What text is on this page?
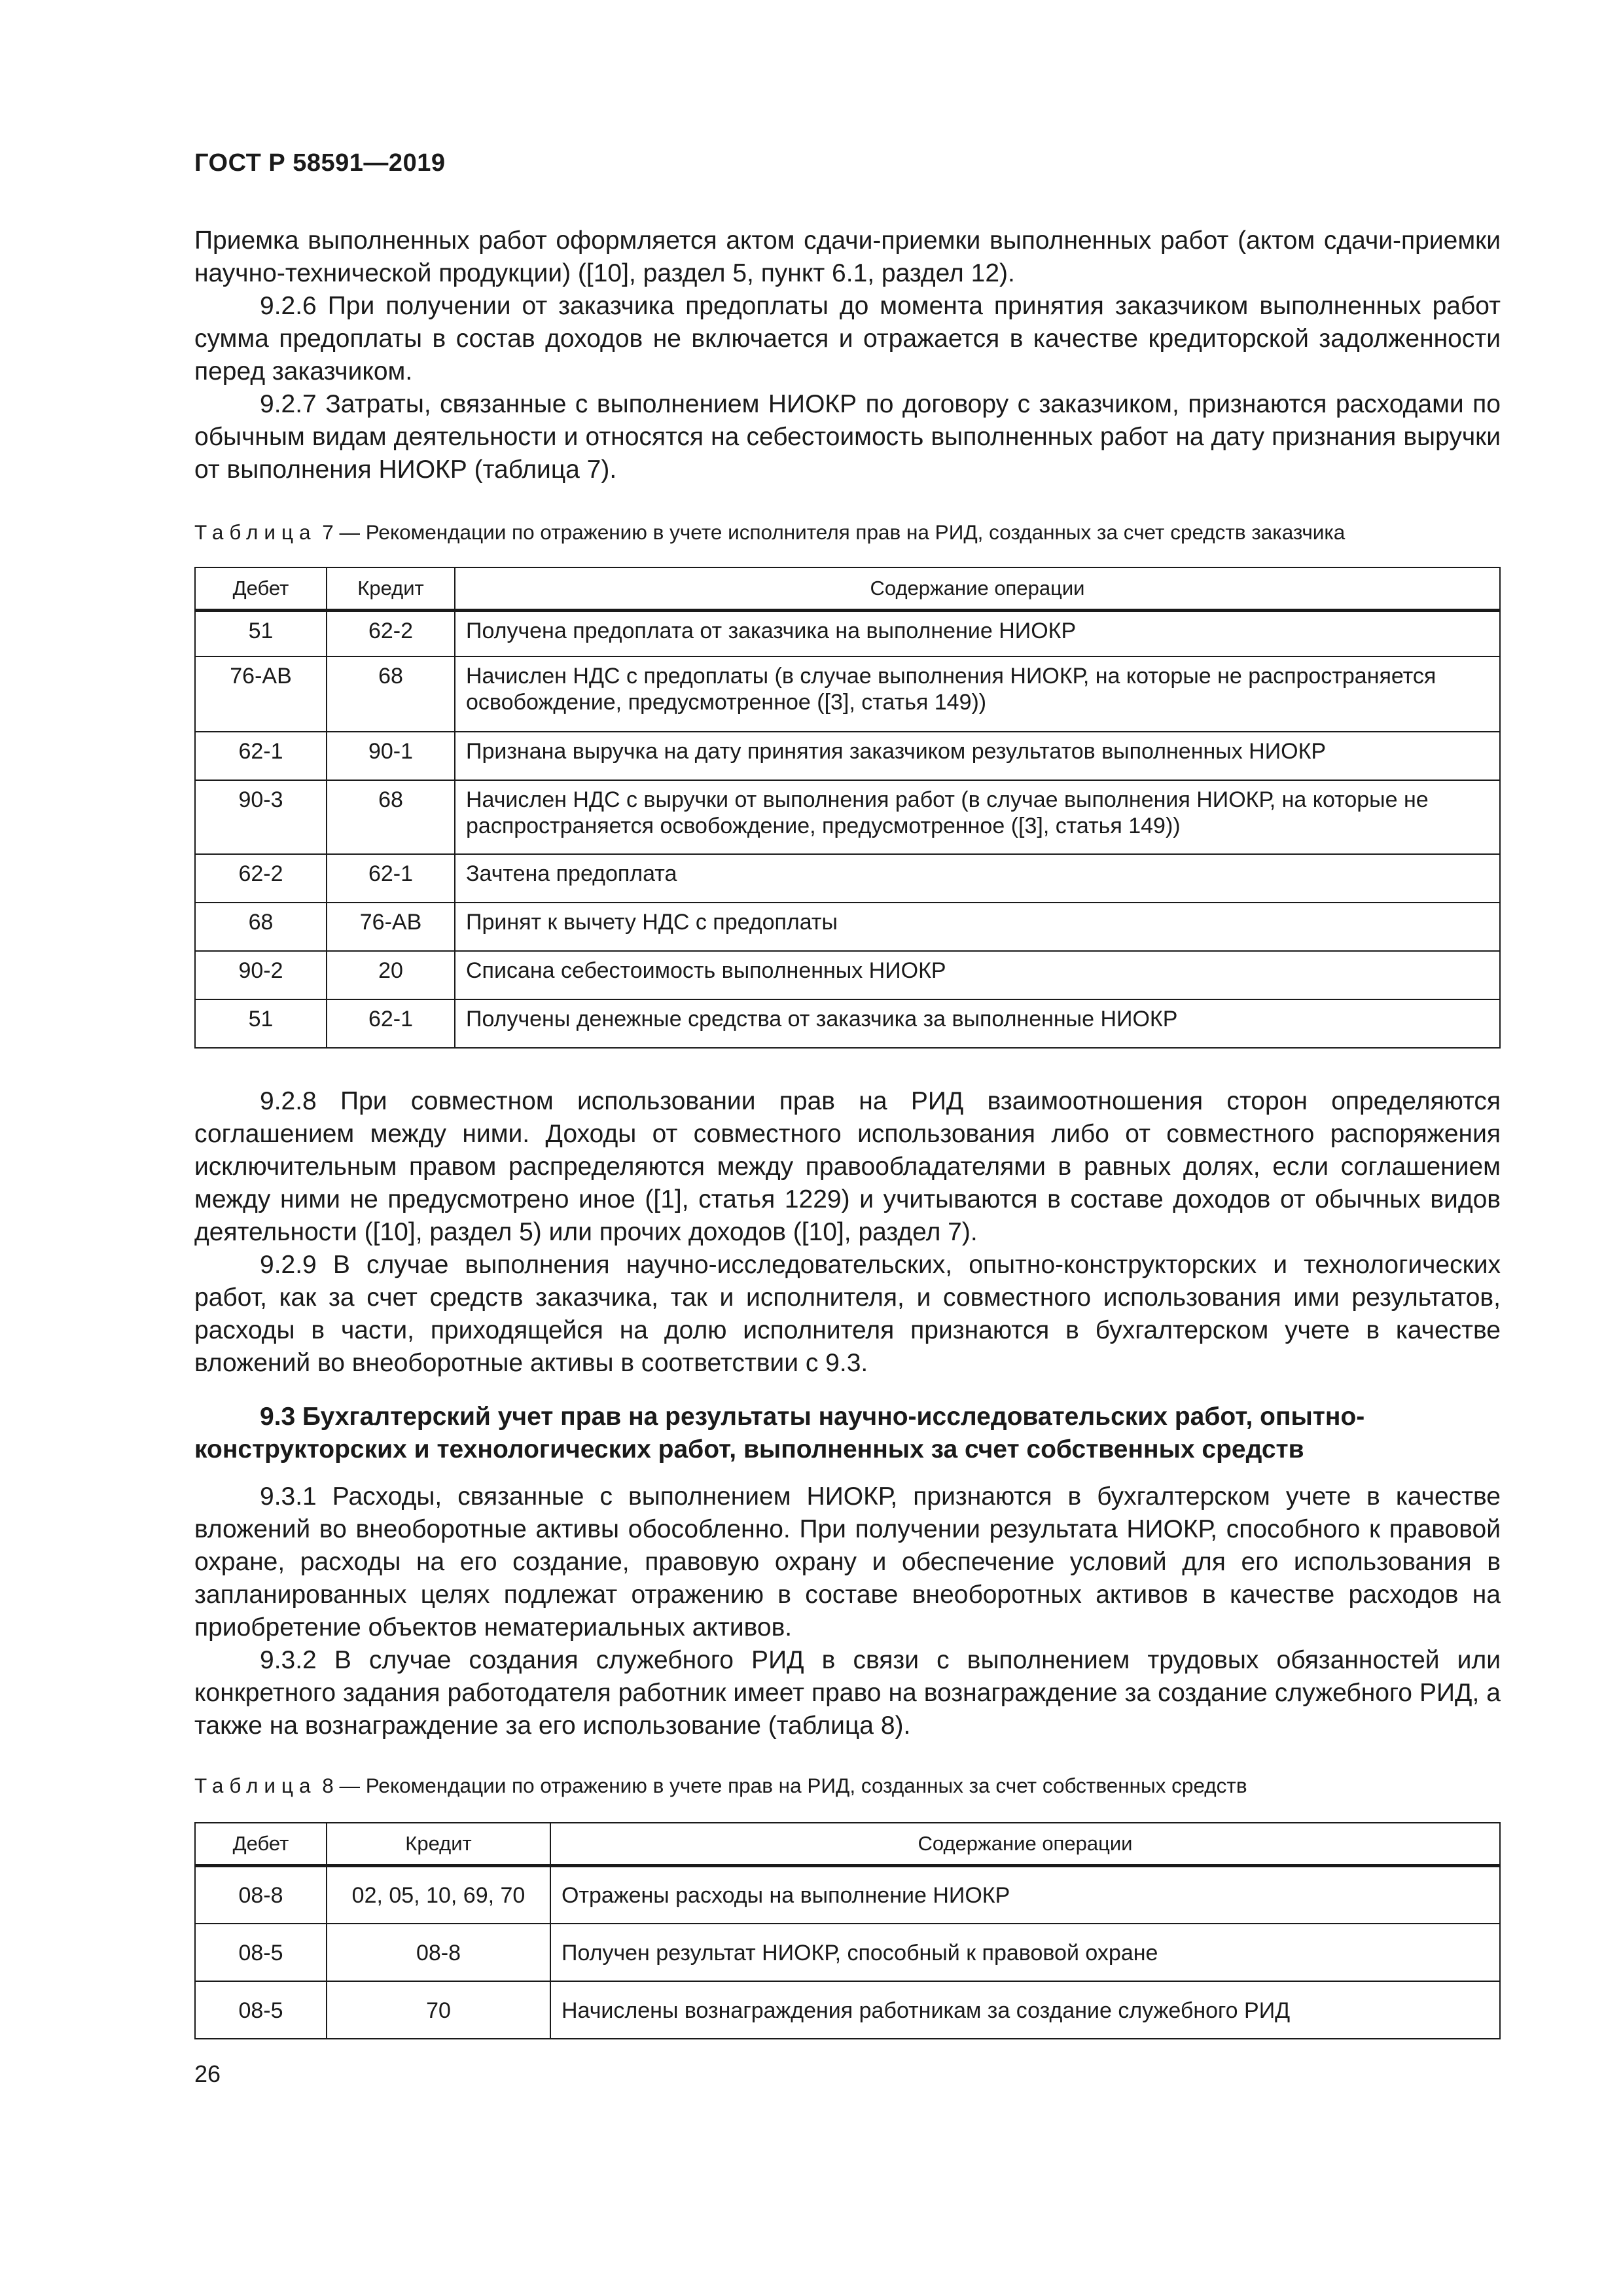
ГОСТ Р 58591—2019

Приемка выполненных работ оформляется актом сдачи-приемки выполненных работ (актом сдачи-приемки научно-технической продукции) ([10], раздел 5, пункт 6.1, раздел 12).

9.2.6 При получении от заказчика предоплаты до момента принятия заказчиком выполненных работ сумма предоплаты в состав доходов не включается и отражается в качестве кредиторской задолженности перед заказчиком.

9.2.7 Затраты, связанные с выполнением НИОКР по договору с заказчиком, признаются расходами по обычным видам деятельности и относятся на себестоимость выполненных работ на дату признания выручки от выполнения НИОКР (таблица 7).

Таблица 7 — Рекомендации по отражению в учете исполнителя прав на РИД, созданных за счет средств заказчика
Дебет	Кредит	Содержание операции
51	62-2	Получена предоплата от заказчика на выполнение НИОКР
76-АВ	68	Начислен НДС с предоплаты (в случае выполнения НИОКР, на которые не распространяется освобождение, предусмотренное ([3], статья 149))
62-1	90-1	Признана выручка на дату принятия заказчиком результатов выполненных НИОКР
90-3	68	Начислен НДС с выручки от выполнения работ (в случае выполнения НИОКР, на которые не распространяется освобождение, предусмотренное ([3], статья 149))
62-2	62-1	Зачтена предоплата
68	76-АВ	Принят к вычету НДС с предоплаты
90-2	20	Списана себестоимость выполненных НИОКР
51	62-1	Получены денежные средства от заказчика за выполненные НИОКР

9.2.8 При совместном использовании прав на РИД взаимоотношения сторон определяются соглашением между ними. Доходы от совместного использования либо от совместного распоряжения исключительным правом распределяются между правообладателями в равных долях, если соглашением между ними не предусмотрено иное ([1], статья 1229) и учитываются в составе доходов от обычных видов деятельности ([10], раздел 5) или прочих доходов ([10], раздел 7).

9.2.9 В случае выполнения научно-исследовательских, опытно-конструкторских и технологических работ, как за счет средств заказчика, так и исполнителя, и совместного использования ими результатов, расходы в части, приходящейся на долю исполнителя признаются в бухгалтерском учете в качестве вложений во внеоборотные активы в соответствии с 9.3.

9.3 Бухгалтерский учет прав на результаты научно-исследовательских работ, опытно-конструкторских и технологических работ, выполненных за счет собственных средств

9.3.1 Расходы, связанные с выполнением НИОКР, признаются в бухгалтерском учете в качестве вложений во внеоборотные активы обособленно. При получении результата НИОКР, способного к правовой охране, расходы на его создание, правовую охрану и обеспечение условий для его использования в запланированных целях подлежат отражению в составе внеоборотных активов в качестве расходов на приобретение объектов нематериальных активов.

9.3.2 В случае создания служебного РИД в связи с выполнением трудовых обязанностей или конкретного задания работодателя работник имеет право на вознаграждение за создание служебного РИД, а также на вознаграждение за его использование (таблица 8).

Таблица 8 — Рекомендации по отражению в учете прав на РИД, созданных за счет собственных средств
Дебет	Кредит	Содержание операции
08-8	02, 05, 10, 69, 70	Отражены расходы на выполнение НИОКР
08-5	08-8	Получен результат НИОКР, способный к правовой охране
08-5	70	Начислены вознаграждения работникам за создание служебного РИД
26
